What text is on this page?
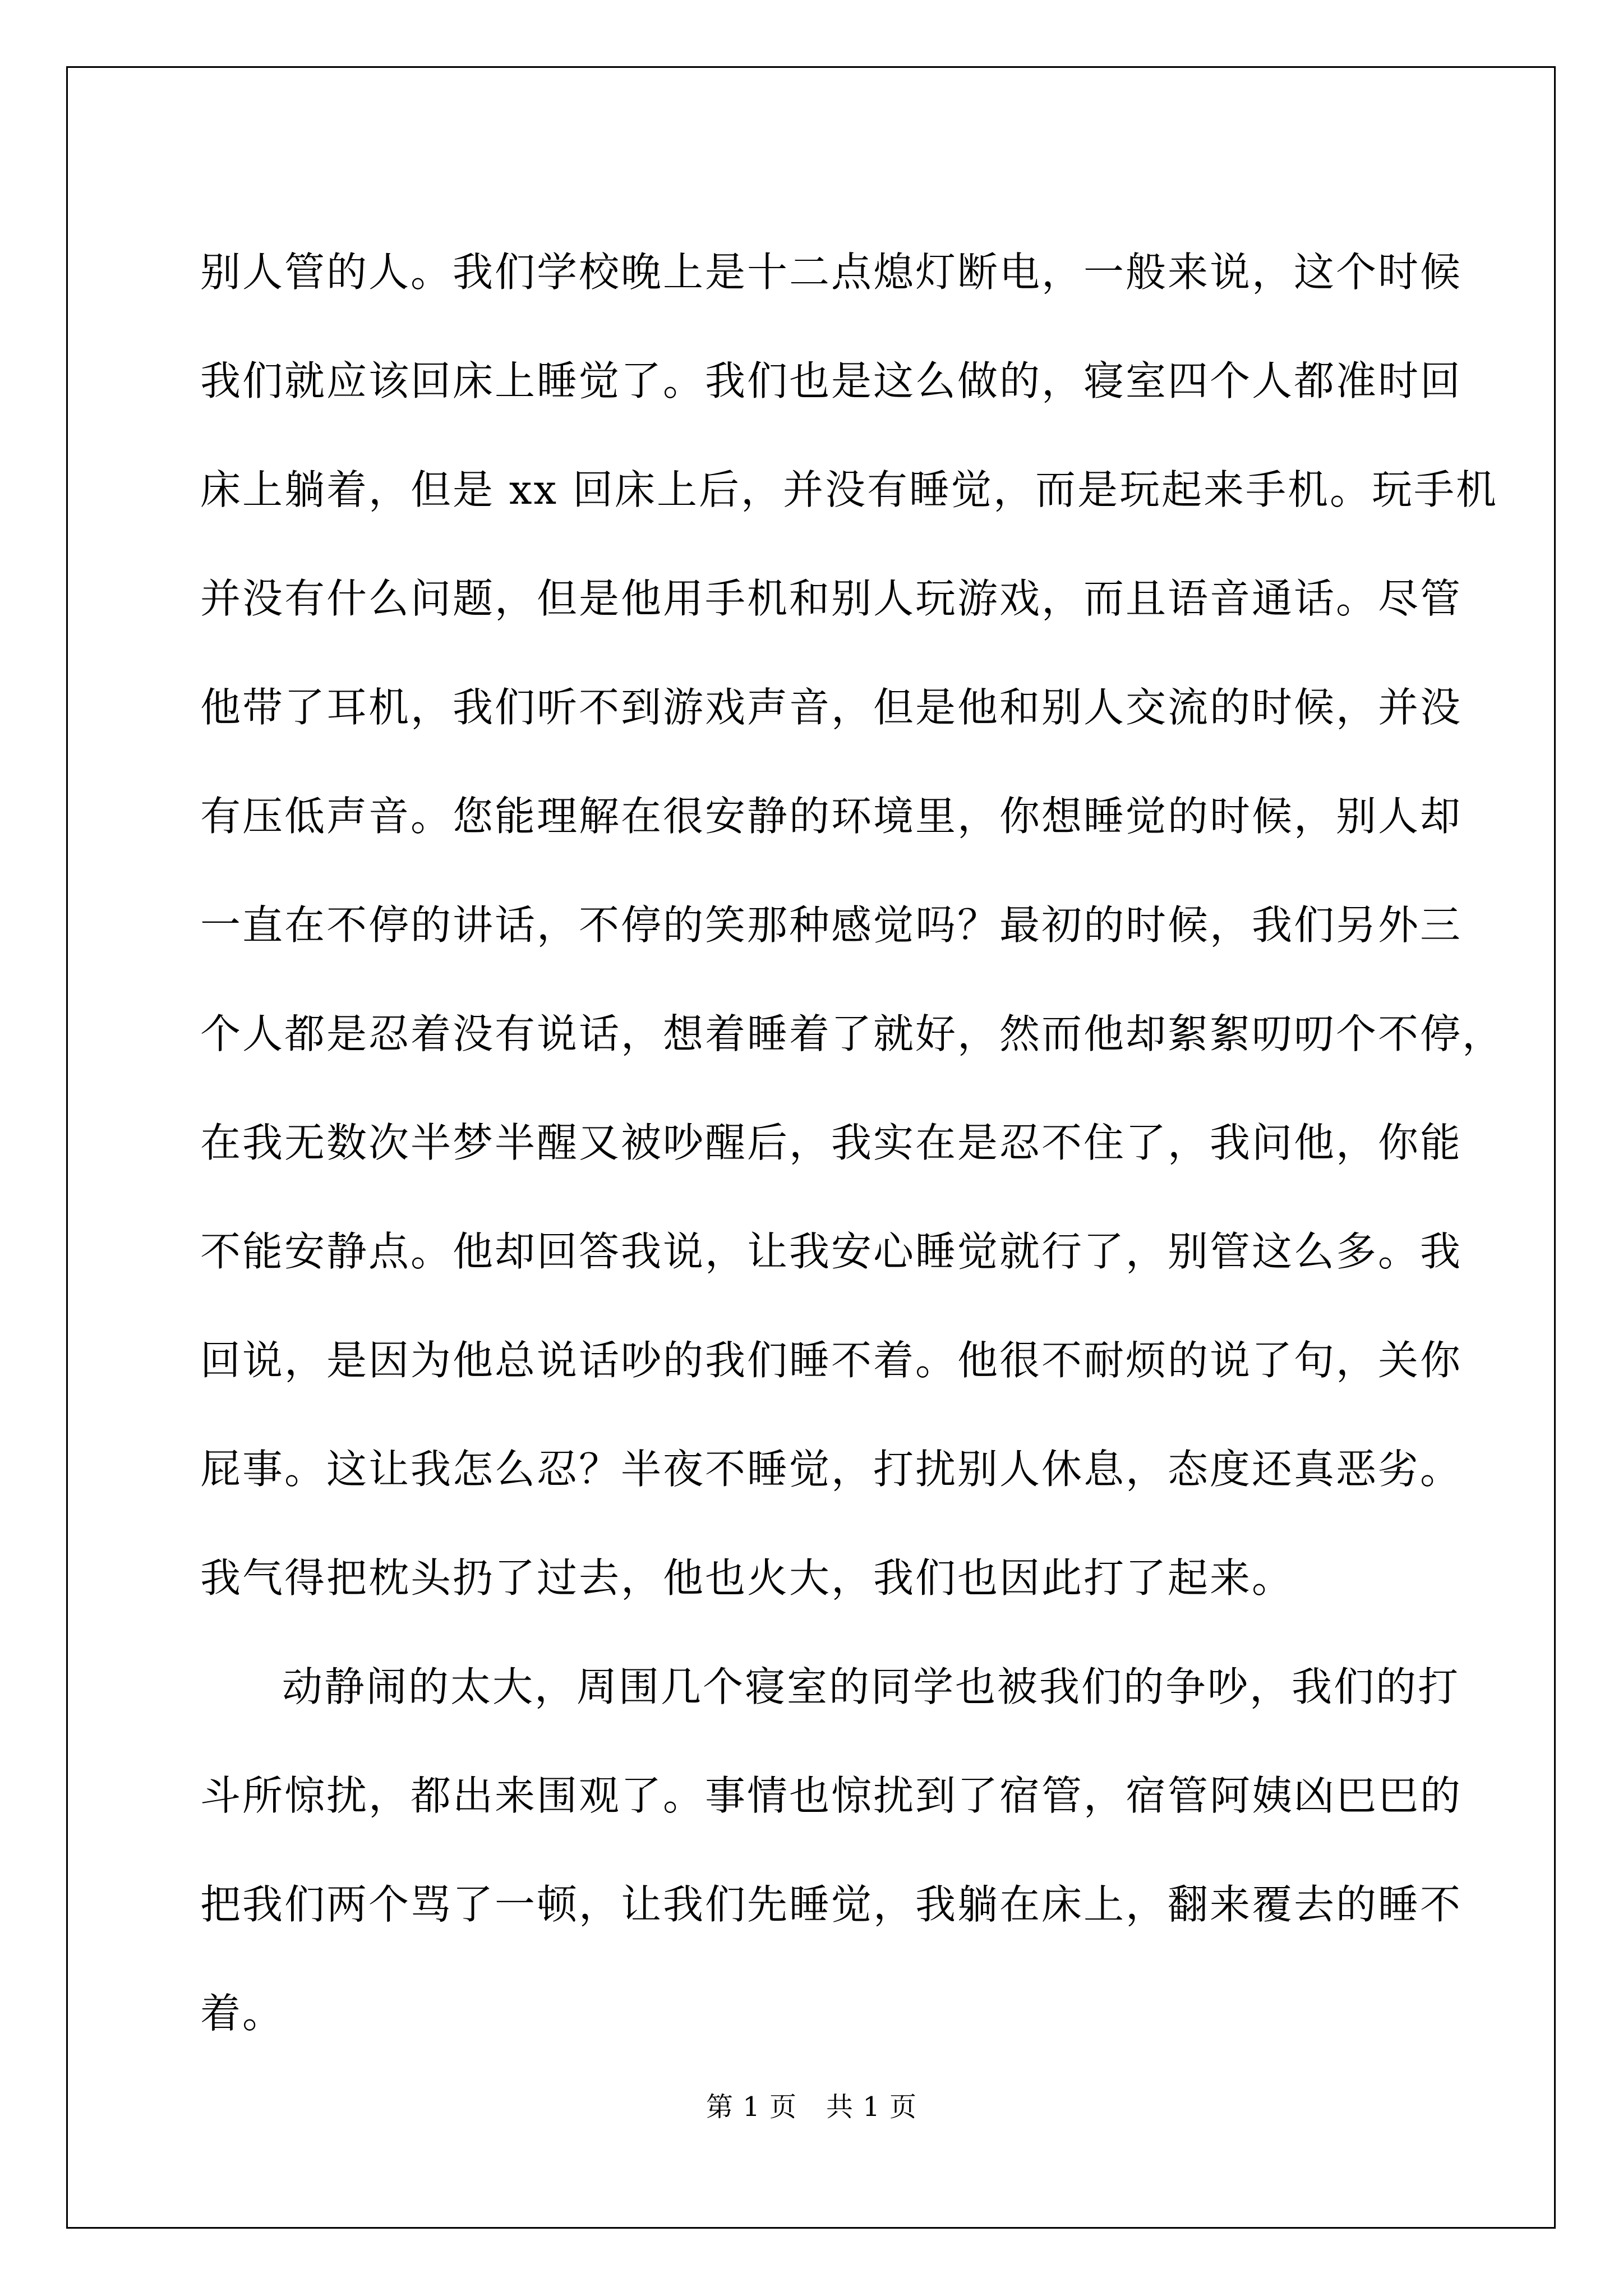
别人管的人。我们学校晚上是十二点熄灯断电，一般来说，这个时候
我们就应该回床上睡觉了。我们也是这么做的，寝室四个人都准时回
床上躺着，但是 xx 回床上后，并没有睡觉，而是玩起来手机。玩手机
并没有什么问题，但是他用手机和别人玩游戏，而且语音通话。尽管
他带了耳机，我们听不到游戏声音，但是他和别人交流的时候，并没
有压低声音。您能理解在很安静的环境里，你想睡觉的时候，别人却
一直在不停的讲话，不停的笑那种感觉吗？最初的时候，我们另外三
个人都是忍着没有说话，想着睡着了就好，然而他却絮絮叨叨个不停，
在我无数次半梦半醒又被吵醒后，我实在是忍不住了，我问他，你能
不能安静点。他却回答我说，让我安心睡觉就行了，别管这么多。我
回说，是因为他总说话吵的我们睡不着。他很不耐烦的说了句，关你
屁事。这让我怎么忍？半夜不睡觉，打扰别人休息，态度还真恶劣。
我气得把枕头扔了过去，他也火大，我们也因此打了起来。
动静闹的太大，周围几个寝室的同学也被我们的争吵，我们的打
斗所惊扰，都出来围观了。事情也惊扰到了宿管，宿管阿姨凶巴巴的
把我们两个骂了一顿，让我们先睡觉，我躺在床上，翻来覆去的睡不
着。
第 1 页 共 1 页
